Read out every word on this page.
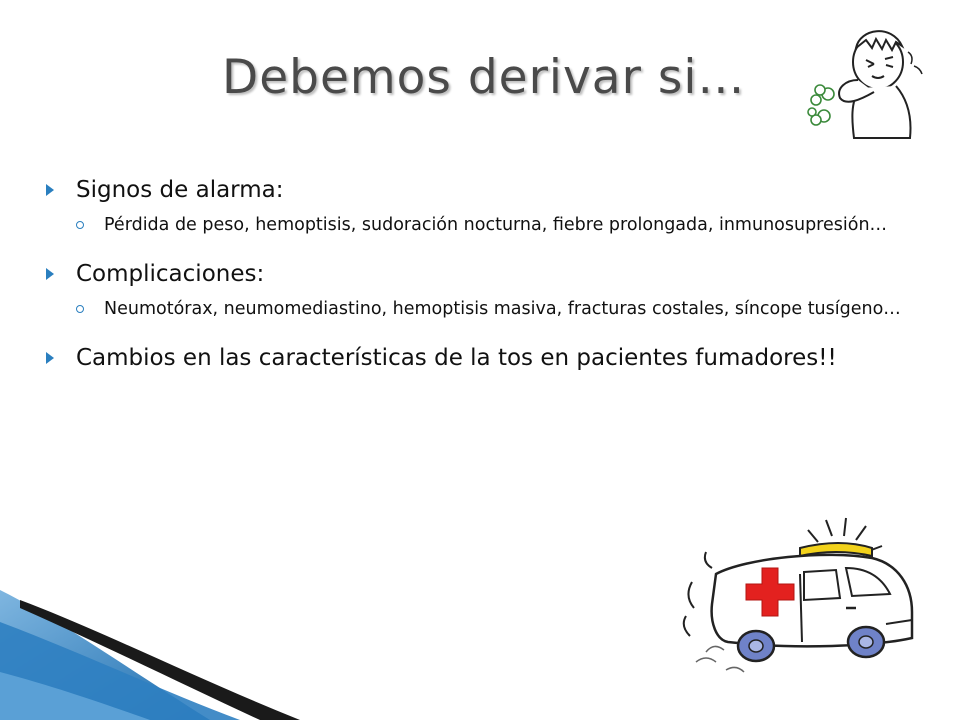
Debemos derivar si…
Signos de alarma:
Pérdida de peso, hemoptisis, sudoración nocturna, fiebre prolongada, inmunosupresión…
Complicaciones:
Neumotórax, neumomediastino, hemoptisis masiva, fracturas costales, síncope tusígeno…
Cambios en las características de la tos en pacientes fumadores!!
